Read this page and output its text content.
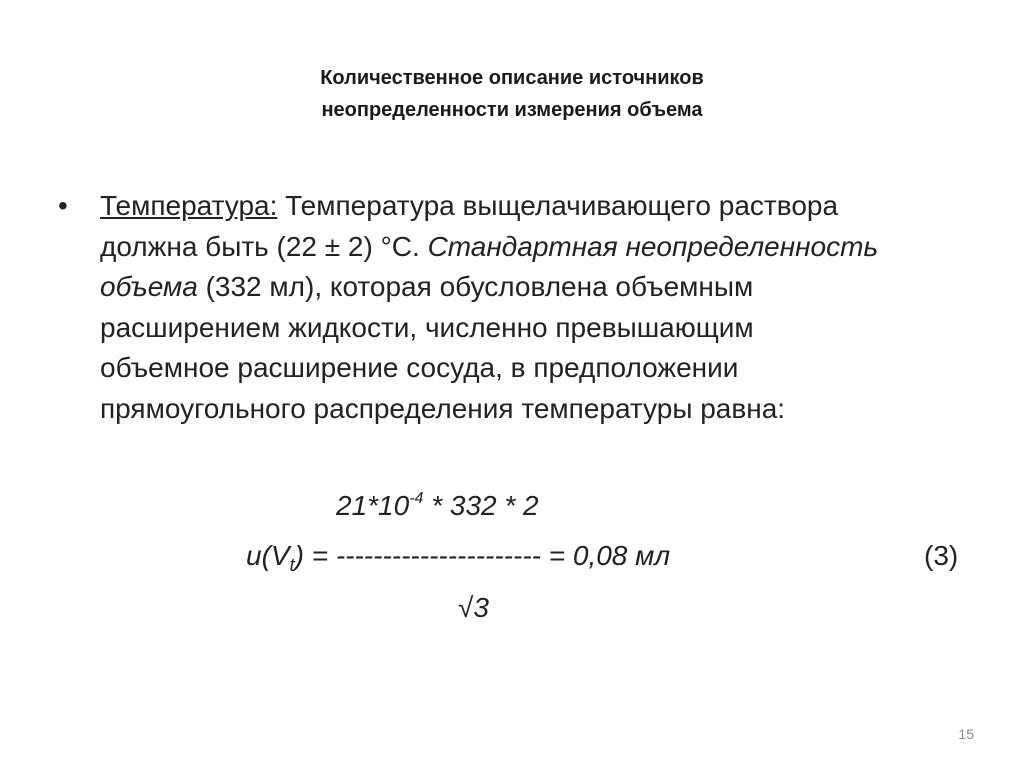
Количественное описание источников
неопределенности измерения объема
• Температура: Температура выщелачивающего раствора
должна быть (22 ± 2) °С. Стандартная неопределенность
объема (332 мл), которая обусловлена объемным
расширением жидкости, численно превышающим
объемное расширение сосуда, в предположении
прямоугольного распределения температуры равна:
$21*10^{-4} * 332 * 2$
$u(V_t)$ = ---------------------- = 0,08 мл	(3)
√3
15
